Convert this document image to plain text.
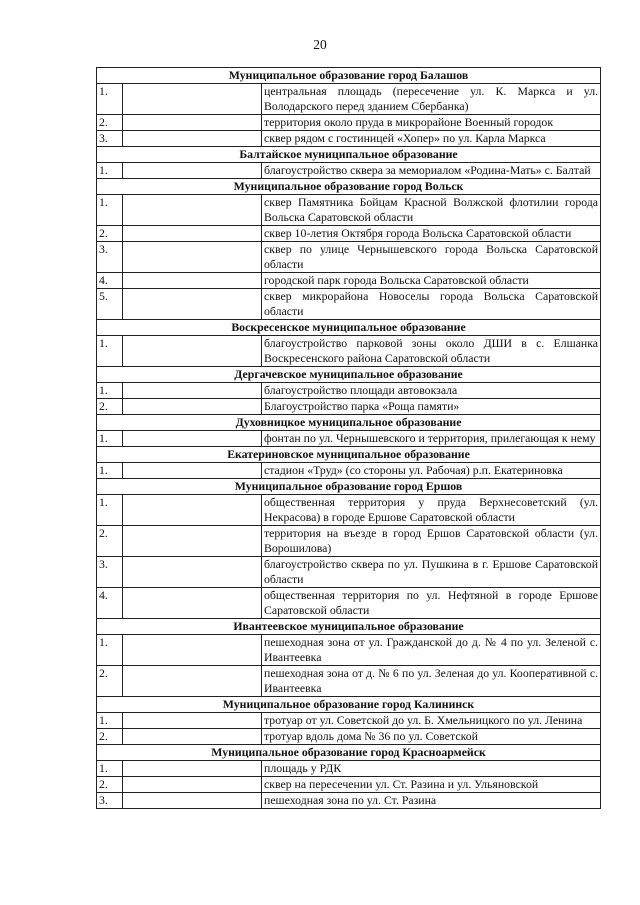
20
Муниципальное образование город Балашов		
1.		центральная площадь (пересечение ул. К. Маркса и ул. Володарского перед зданием Сбербанка)
2.		территория около пруда в микрорайоне Военный городок
3.		сквер рядом с гостиницей «Хопер» по ул. Карла Маркса
Балтайское муниципальное образование		
1.		благоустройство сквера за мемориалом «Родина-Мать» с. Балтай
Муниципальное образование город Вольск		
1.		сквер Памятника Бойцам Красной Волжской флотилии города Вольска Саратовской области
2.		сквер 10-летия Октября города Вольска Саратовской области
3.		сквер по улице Чернышевского города Вольска Саратовской области
4.		городской парк города Вольска Саратовской области
5.		сквер микрорайона Новоселы города Вольска Саратовской области
Воскресенское муниципальное образование		
1.		благоустройство парковой зоны около ДШИ в с. Елшанка Воскресенского района Саратовской области
Дергачевское муниципальное образование		
1.		благоустройство площади автовокзала
2.		Благоустройство парка «Роща памяти»
Духовницкое муниципальное образование		
1.		фонтан по ул. Чернышевского и территория, прилегающая к нему
Екатериновское муниципальное образование		
1.		стадион «Труд» (со стороны ул. Рабочая) р.п. Екатериновка
Муниципальное образование город Ершов		
1.		общественная территория у пруда Верхнесоветский (ул. Некрасова) в городе Ершове Саратовской области
2.		территория на въезде в город Ершов Саратовской области (ул. Ворошилова)
3.		благоустройство сквера по ул. Пушкина в г. Ершове Саратовской области
4.		общественная территория по ул. Нефтяной в городе Ершове Саратовской области
Ивантеевское муниципальное образование		
1.		пешеходная зона от ул. Гражданской до д. № 4 по ул. Зеленой с. Ивантеевка
2.		пешеходная зона от д. № 6 по ул. Зеленая до ул. Кооперативной с. Ивантеевка
Муниципальное образование город Калининск		
1.		тротуар от ул. Советской до ул. Б. Хмельницкого по ул. Ленина
2.		тротуар вдоль дома № 36 по ул. Советской
Муниципальное образование город Красноармейск		
1.		площадь у РДК
2.		сквер на пересечении ул. Ст. Разина и ул. Ульяновской
3.		пешеходная зона по ул. Ст. Разина
